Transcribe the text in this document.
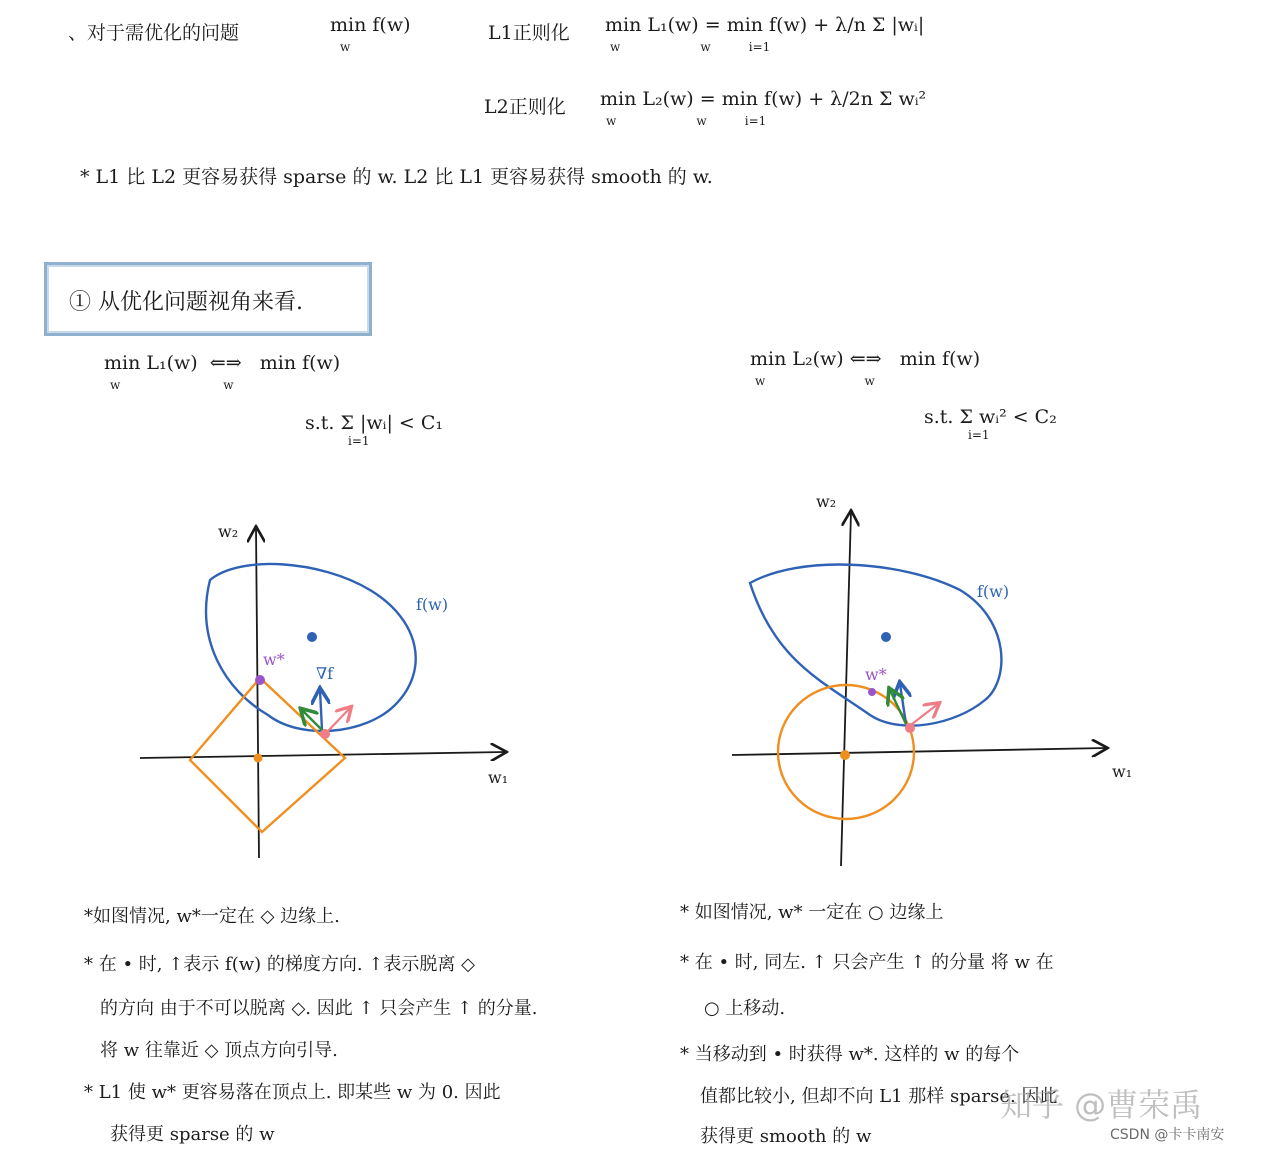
、对于需优化的问题	min f(w)
w
L1正则化 min L₁(w) = min f(w) + λ/n Σ |wᵢ|
w                     w          i=1
L2正则化 min L₂(w) = min f(w) + λ/2n Σ wᵢ²
w                     w          i=1
* L1 比 L2 更容易获得 sparse 的 w. L2 比 L1 更容易获得 smooth 的 w.
① 从优化问题视角来看.
min L₁(w)  ⇐⇒   min f(w)
w                           w
s.t. Σ |wᵢ| < C₁
i=1
min L₂(w) ⇐⇒   min f(w)
w                          w
s.t. Σ wᵢ² < C₂
i=1
w₂
w₁
f(w)
w*
∇f
w₂
w₁
f(w)
w*
*如图情况, w*一定在 ◇ 边缘上.
* 在 • 时, ↑表示 f(w) 的梯度方向. ↑表示脱离 ◇
的方向 由于不可以脱离 ◇. 因此 ↑ 只会产生 ↑ 的分量.
将 w 往靠近 ◇ 顶点方向引导.
* L1 使 w* 更容易落在顶点上. 即某些 w 为 0. 因此
获得更 sparse 的 w
* 如图情况, w* 一定在 ○ 边缘上
* 在 • 时, 同左. ↑ 只会产生 ↑ 的分量 将 w 在
○ 上移动.
* 当移动到 • 时获得 w*. 这样的 w 的每个
值都比较小, 但却不向 L1 那样 sparse. 因此
获得更 smooth 的 w
知乎 @曹荣禹
CSDN @卡卡南安
